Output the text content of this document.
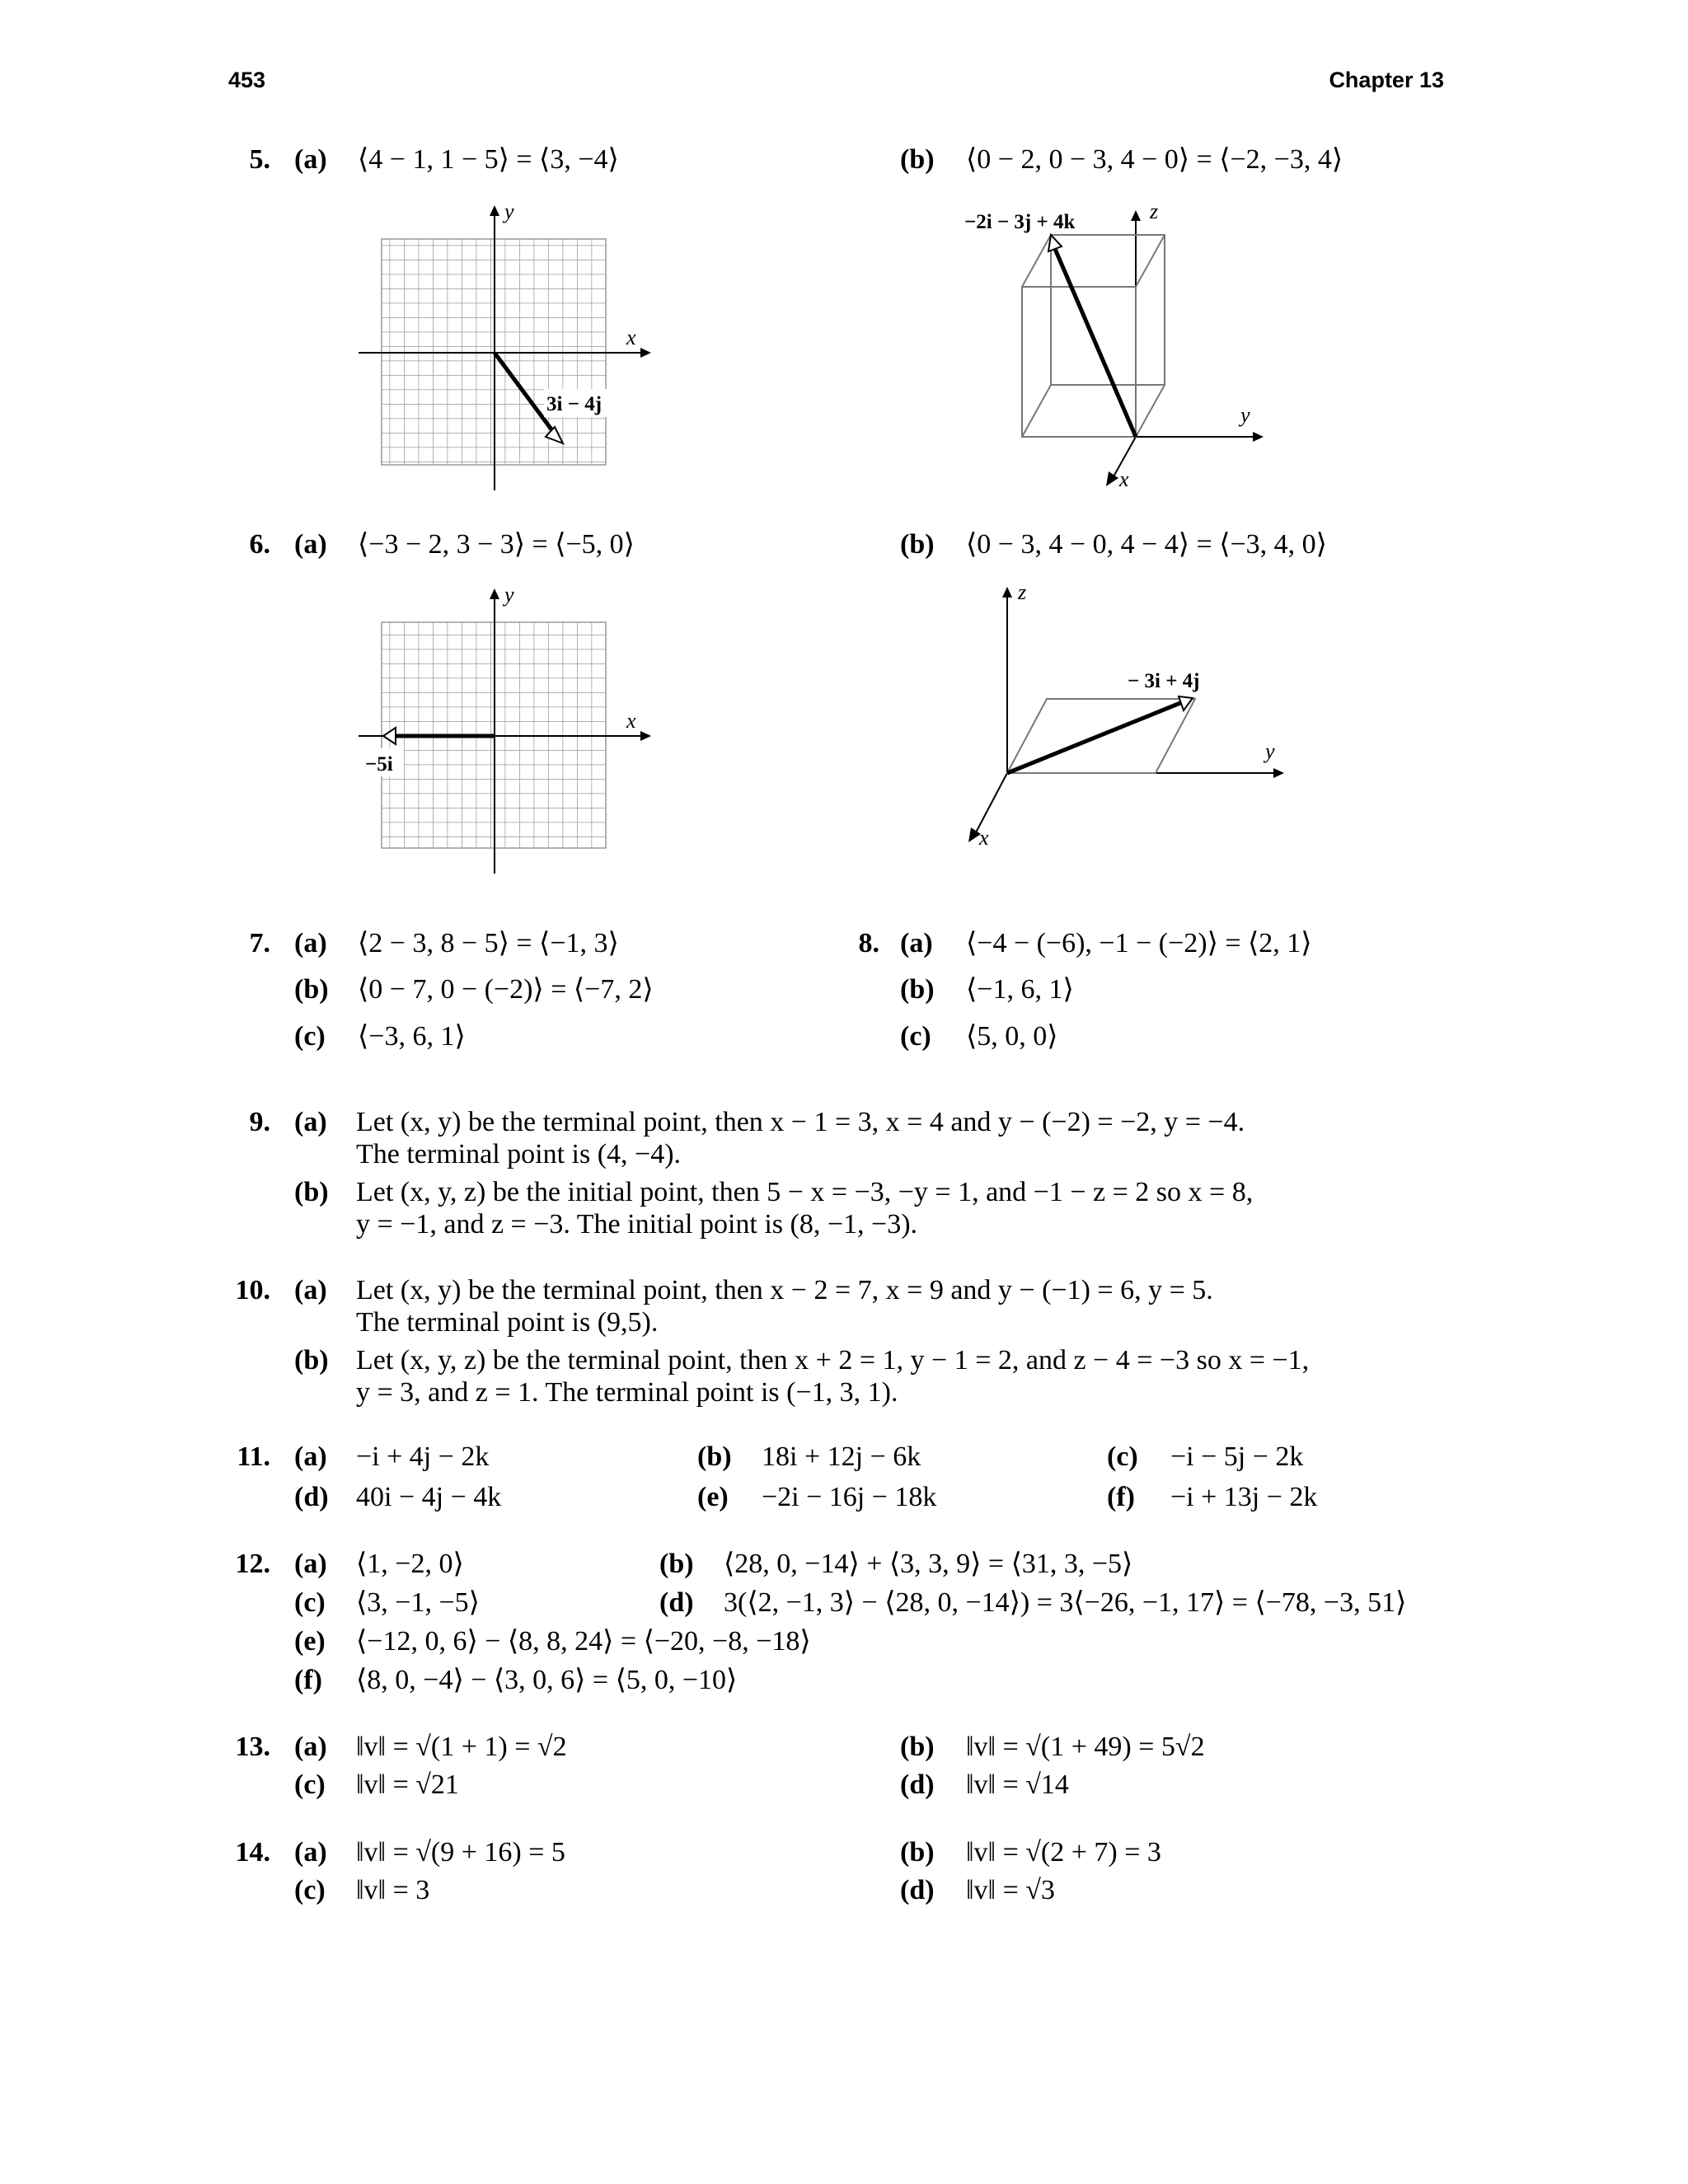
453	Chapter 13
5. (a) ⟨4 − 1, 1 − 5⟩ = ⟨3, −4⟩	(b) ⟨0 − 2, 0 − 3, 4 − 0⟩ = ⟨−2, −3, 4⟩
6. (a) ⟨−3 − 2, 3 − 3⟩ = ⟨−5, 0⟩	(b) ⟨0 − 3, 4 − 0, 4 − 4⟩ = ⟨−3, 4, 0⟩
y
x
3i − 4j
z
y
x
−2i − 3j + 4k
y
x
−5i
z
y
x
− 3i + 4j
7. (a) ⟨2 − 3, 8 − 5⟩ = ⟨−1, 3⟩
(b) ⟨0 − 7, 0 − (−2)⟩ = ⟨−7, 2⟩
(c) ⟨−3, 6, 1⟩
8. (a) ⟨−4 − (−6), −1 − (−2)⟩ = ⟨2, 1⟩
(b) ⟨−1, 6, 1⟩
(c) ⟨5, 0, 0⟩
9. (a) Let (x, y) be the terminal point, then x − 1 = 3, x = 4 and y − (−2) = −2, y = −4.
The terminal point is (4, −4).
(b) Let (x, y, z) be the initial point, then 5 − x = −3, −y = 1, and −1 − z = 2 so x = 8,
y = −1, and z = −3. The initial point is (8, −1, −3).
10. (a) Let (x, y) be the terminal point, then x − 2 = 7, x = 9 and y − (−1) = 6, y = 5.
The terminal point is (9,5).
(b) Let (x, y, z) be the terminal point, then x + 2 = 1, y − 1 = 2, and z − 4 = −3 so x = −1,
y = 3, and z = 1. The terminal point is (−1, 3, 1).
11. (a) −i + 4j − 2k	(b) 18i + 12j − 6k	(c) −i − 5j − 2k
(d) 40i − 4j − 4k	(e) −2i − 16j − 18k	(f) −i + 13j − 2k
12. (a) ⟨1, −2, 0⟩	(b) ⟨28, 0, −14⟩ + ⟨3, 3, 9⟩ = ⟨31, 3, −5⟩
(c) ⟨3, −1, −5⟩	(d) 3(⟨2, −1, 3⟩ − ⟨28, 0, −14⟩) = 3⟨−26, −1, 17⟩ = ⟨−78, −3, 51⟩
(e) ⟨−12, 0, 6⟩ − ⟨8, 8, 24⟩ = ⟨−20, −8, −18⟩
(f) ⟨8, 0, −4⟩ − ⟨3, 0, 6⟩ = ⟨5, 0, −10⟩
13. (a) ‖v‖ = √(1 + 1) = √2	(b) ‖v‖ = √(1 + 49) = 5√2
(c) ‖v‖ = √21	(d) ‖v‖ = √14
14. (a) ‖v‖ = √(9 + 16) = 5	(b) ‖v‖ = √(2 + 7) = 3
(c) ‖v‖ = 3	(d) ‖v‖ = √3
